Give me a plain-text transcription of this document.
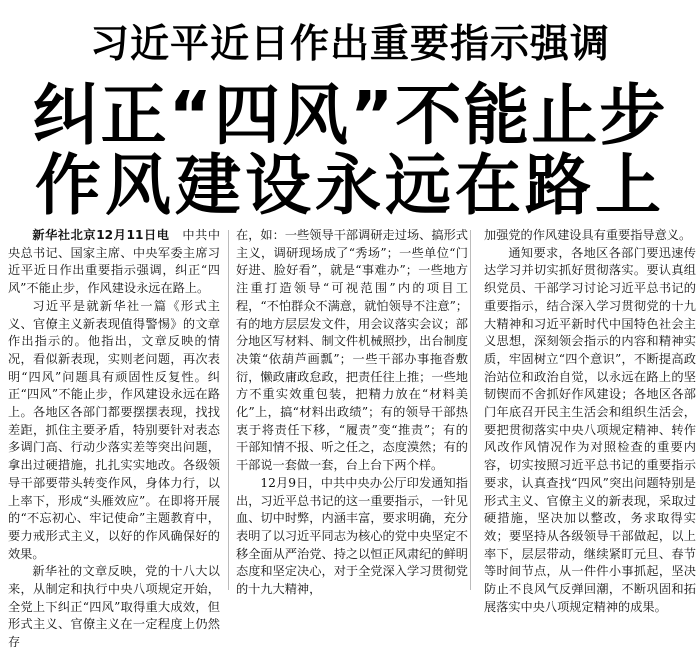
习近平近日作出重要指示强调
纠正“四风”不能止步
作风建设永远在路上

新华社北京12月11日电　 中共中央总书记、国家主席、中央军委主席习近平近日作出重要指示强调，纠正“四风”不能止步，作风建设永远在路上。

习近平是就新华社一篇《形式主义、官僚主义新表现值得警惕》的文章作出指示的。他指出，文章反映的情况，看似新表现，实则老问题，再次表明“四风”问题具有顽固性反复性。纠正“四风”不能止步，作风建设永远在路上。各地区各部门都要摆摆表现，找找差距，抓住主要矛盾，特别要针对表态多调门高、行动少落实差等突出问题，拿出过硬措施，扎扎实实地改。各级领导干部要带头转变作风，身体力行，以上率下，形成“头雁效应”。在即将开展的“不忘初心、牢记使命”主题教育中，要力戒形式主义，以好的作风确保好的效果。

新华社的文章反映，党的十八大以来，从制定和执行中央八项规定开始，全党上下纠正“四风”取得重大成效，但形式主义、官僚主义在一定程度上仍然存

在，如：一些领导干部调研走过场、搞形式主义，调研现场成了“秀场”；一些单位“门好进、脸好看”，就是“事难办”；一些地方注重打造领导“可视范围”内的项目工程，“不怕群众不满意，就怕领导不注意”；有的地方层层发文件，用会议落实会议；部分地区写材料、制文件机械照抄，出台制度决策“依葫芦画瓢”；一些干部办事拖沓敷衍，懒政庸政怠政，把责任往上推；一些地方不重实效重包装，把精力放在“材料美化”上，搞“材料出政绩”；有的领导干部热衷于将责任下移，“履责”变“推责”；有的干部知情不报、听之任之，态度漠然；有的干部说一套做一套，台上台下两个样。

12月9日，中共中央办公厅印发通知指出，习近平总书记的这一重要指示，一针见血、切中时弊，内涵丰富，要求明确，充分表明了以习近平同志为核心的党中央坚定不移全面从严治党、持之以恒正风肃纪的鲜明态度和坚定决心，对于全党深入学习贯彻党的十九大精神，

加强党的作风建设具有重要指导意义。

通知要求，各地区各部门要迅速传达学习并切实抓好贯彻落实。要认真组织党员、干部学习讨论习近平总书记的重要指示，结合深入学习贯彻党的十九大精神和习近平新时代中国特色社会主义思想，深刻领会指示的内容和精神实质，牢固树立“四个意识”，不断提高政治站位和政治自觉，以永远在路上的坚韧锲而不舍抓好作风建设；各地区各部门年底召开民主生活会和组织生活会，要把贯彻落实中央八项规定精神、转作风改作风情况作为对照检查的重要内容，切实按照习近平总书记的重要指示要求，认真查找“四风”突出问题特别是形式主义、官僚主义的新表现，采取过硬措施，坚决加以整改，务求取得实效；要坚持从各级领导干部做起，以上率下，层层带动，继续紧盯元旦、春节等时间节点，从一件件小事抓起，坚决防止不良风气反弹回潮，不断巩固和拓展落实中央八项规定精神的成果。
